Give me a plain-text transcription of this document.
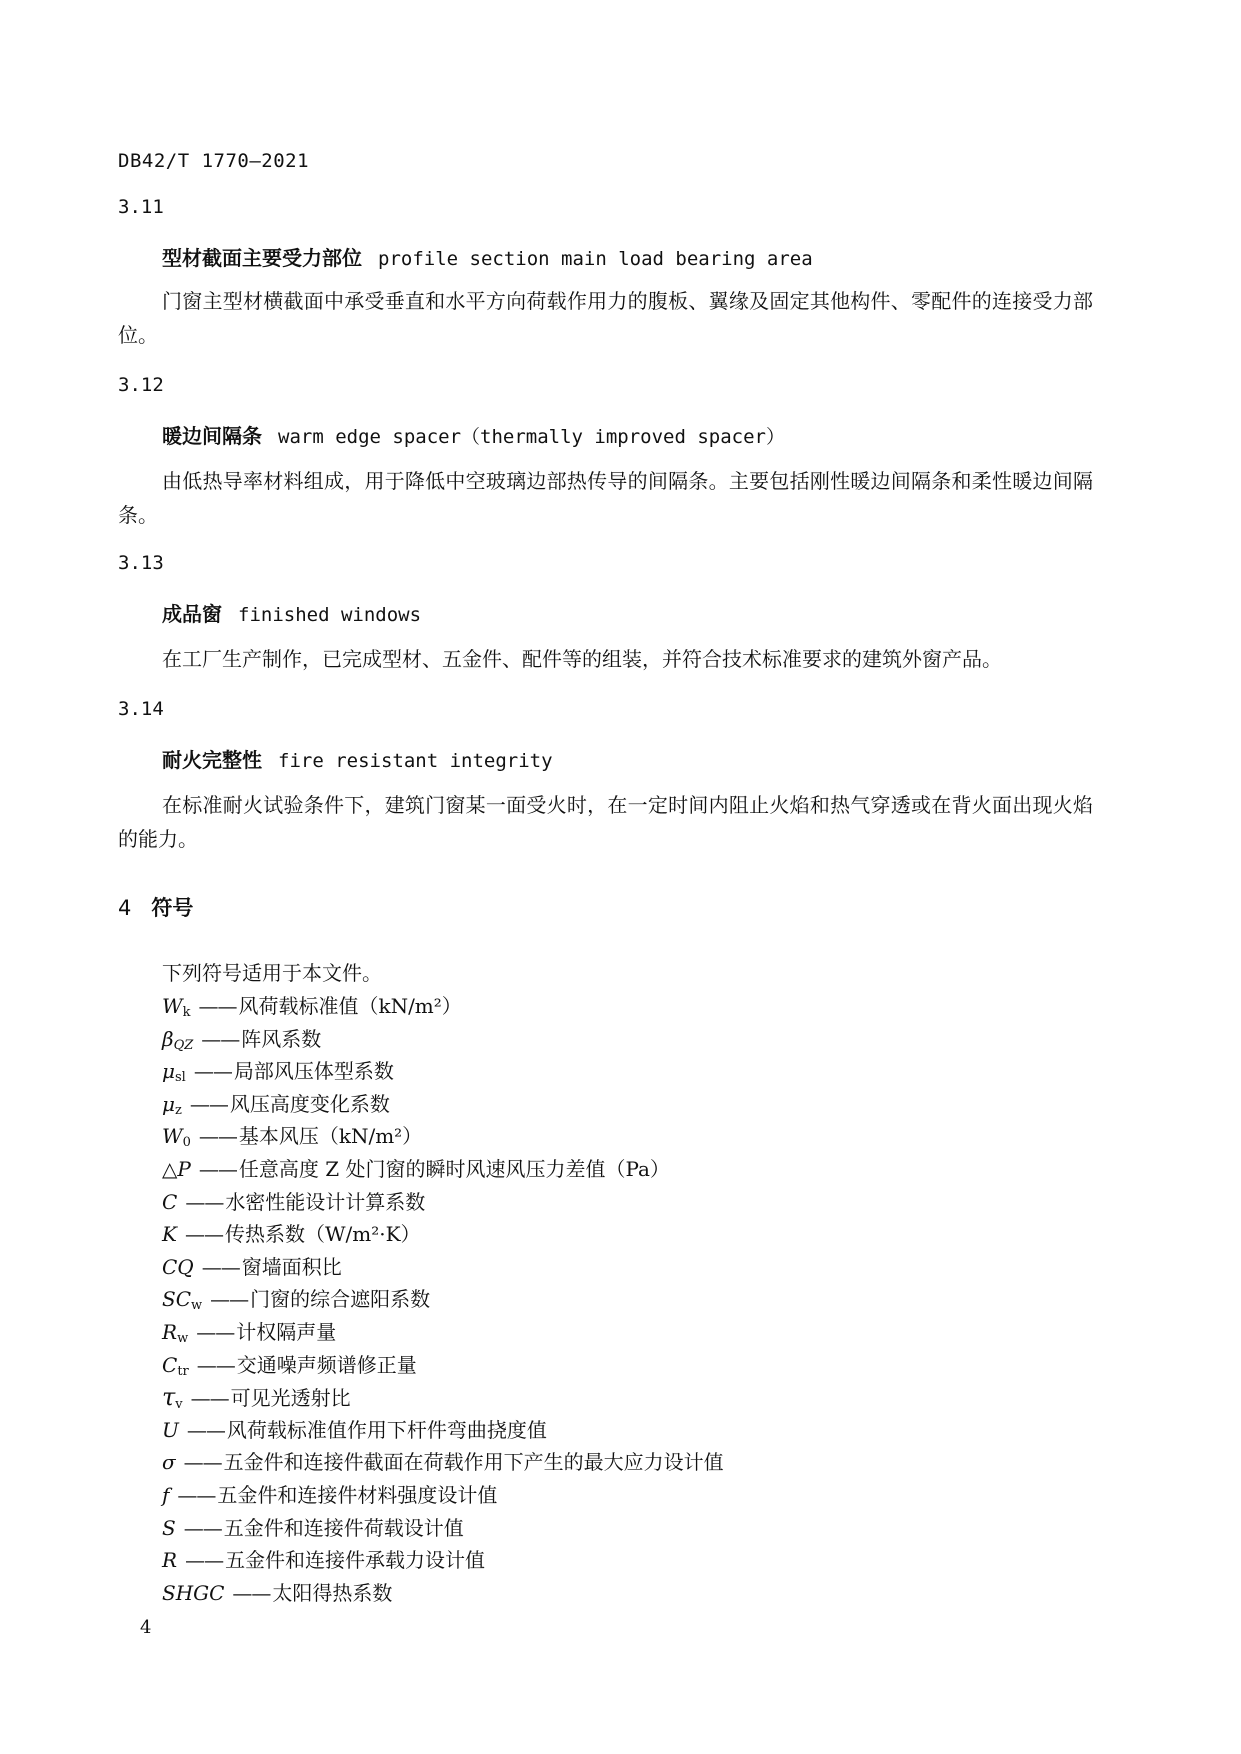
DB42/T 1770—2021
3.11
型材截面主要受力部位 profile section main load bearing area
门窗主型材横截面中承受垂直和水平方向荷载作用力的腹板、翼缘及固定其他构件、零配件的连接受力部位。
3.12
暖边间隔条 warm edge spacer（thermally improved spacer）
由低热导率材料组成，用于降低中空玻璃边部热传导的间隔条。主要包括刚性暖边间隔条和柔性暖边间隔条。
3.13
成品窗 finished windows
在工厂生产制作，已完成型材、五金件、配件等的组装，并符合技术标准要求的建筑外窗产品。
3.14
耐火完整性 fire resistant integrity
在标准耐火试验条件下，建筑门窗某一面受火时，在一定时间内阻止火焰和热气穿透或在背火面出现火焰的能力。
4 符号
下列符号适用于本文件。
$W_k$ —— 风荷载标准值（kN/m²）
$\beta_{QZ}$ —— 阵风系数
$\mu_{sl}$ —— 局部风压体型系数
$\mu_z$ —— 风压高度变化系数
$W_0$ —— 基本风压（kN/m²）
△P —— 任意高度 Z 处门窗的瞬时风速风压力差值（Pa）
C —— 水密性能设计计算系数
K —— 传热系数（W/m²·K）
CQ —— 窗墙面积比
$SC_w$ —— 门窗的综合遮阳系数
$R_w$ —— 计权隔声量
$C_{tr}$ —— 交通噪声频谱修正量
$\tau_v$ —— 可见光透射比
U —— 风荷载标准值作用下杆件弯曲挠度值
σ —— 五金件和连接件截面在荷载作用下产生的最大应力设计值
f —— 五金件和连接件材料强度设计值
S —— 五金件和连接件荷载设计值
R —— 五金件和连接件承载力设计值
SHGC —— 太阳得热系数
4
